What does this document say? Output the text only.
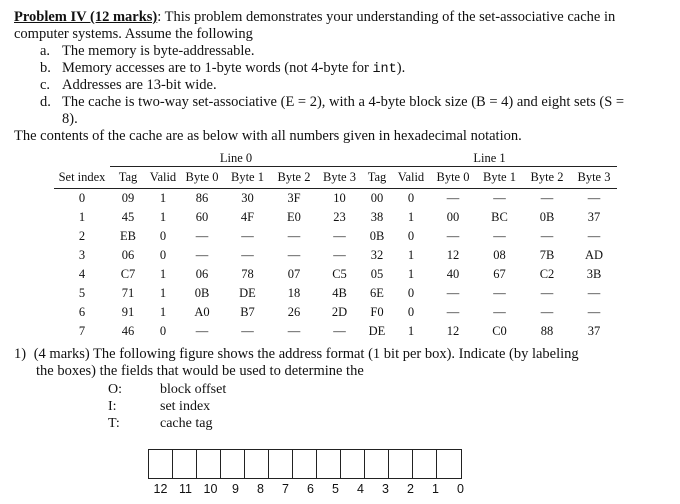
Problem IV (12 marks): This problem demonstrates your understanding of the set-associative cache in
computer systems. Assume the following
a. The memory is byte-addressable.
b. Memory accesses are to 1-byte words (not 4-byte for int).
c. Addresses are 13-bit wide.
d. The cache is two-way set-associative (E = 2), with a 4-byte block size (B = 4) and eight sets (S =
8).
The contents of the cache are as below with all numbers given in hexadecimal notation.
	Line 0						Line 1					
Set index	Tag	Valid	Byte 0	Byte 1	Byte 2	Byte 3	Tag	Valid	Byte 0	Byte 1	Byte 2	Byte 3
0	09	1	86	30	3F	10	00	0	—	—	—	—
1	45	1	60	4F	E0	23	38	1	00	BC	0B	37
2	EB	0	—	—	—	—	0B	0	—	—	—	—
3	06	0	—	—	—	—	32	1	12	08	7B	AD
4	C7	1	06	78	07	C5	05	1	40	67	C2	3B
5	71	1	0B	DE	18	4B	6E	0	—	—	—	—
6	91	1	A0	B7	26	2D	F0	0	—	—	—	—
7	46	0	—	—	—	—	DE	1	12	C0	88	37
1) (4 marks) The following figure shows the address format (1 bit per box). Indicate (by labeling
the boxes) the fields that would be used to determine the
O:	block offset
I:	set index
T:	cache tag
12 11 10	9	8	7	6	5	4	3	2	1	0
